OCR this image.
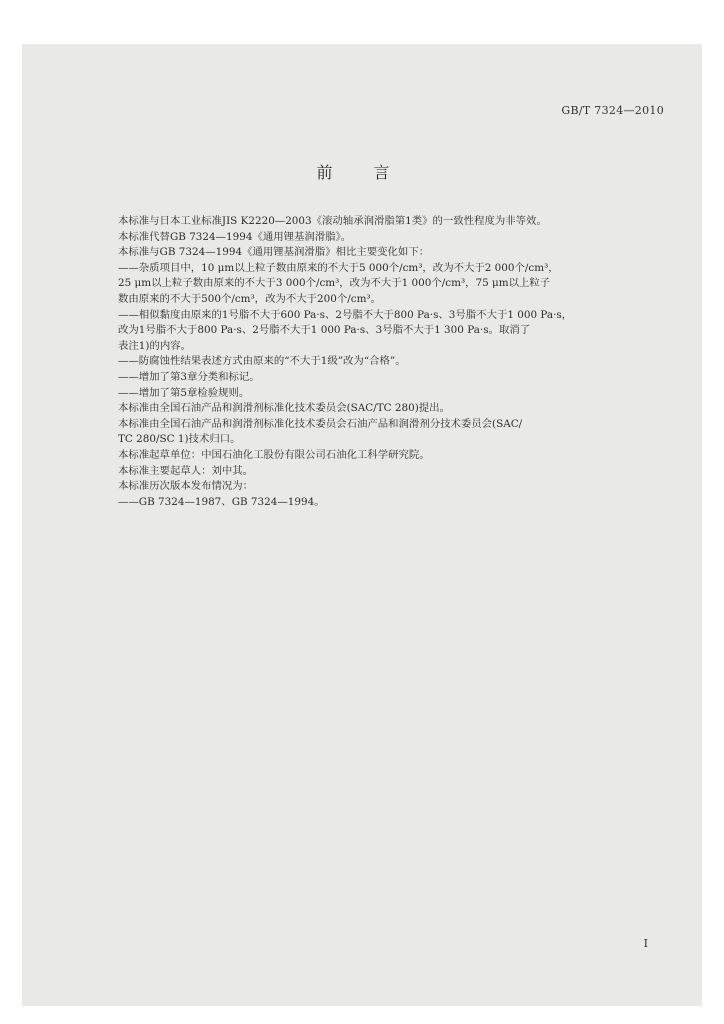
GB/T 7324—2010
前 言

本标准与日本工业标准JIS K2220—2003《滚动轴承润滑脂第1类》的一致性程度为非等效。

本标准代替GB 7324—1994《通用锂基润滑脂》。

本标准与GB 7324—1994《通用锂基润滑脂》相比主要变化如下：

——杂质项目中，10 μm以上粒子数由原来的不大于5 000个/cm³，改为不大于2 000个/cm³，

25 μm以上粒子数由原来的不大于3 000个/cm³，改为不大于1 000个/cm³，75 μm以上粒子

数由原来的不大于500个/cm³，改为不大于200个/cm³。

——相似黏度由原来的1号脂不大于600 Pa·s、2号脂不大于800 Pa·s、3号脂不大于1 000 Pa·s，

改为1号脂不大于800 Pa·s、2号脂不大于1 000 Pa·s、3号脂不大于1 300 Pa·s。取消了

表注1)的内容。

——防腐蚀性结果表述方式由原来的“不大于1级”改为“合格”。

——增加了第3章分类和标记。

——增加了第5章检验规则。

本标准由全国石油产品和润滑剂标准化技术委员会(SAC/TC 280)提出。

本标准由全国石油产品和润滑剂标准化技术委员会石油产品和润滑剂分技术委员会(SAC/

TC 280/SC 1)技术归口。

本标准起草单位：中国石油化工股份有限公司石油化工科学研究院。

本标准主要起草人：刘中其。

本标准历次版本发布情况为：

——GB 7324—1987、GB 7324—1994。

I
